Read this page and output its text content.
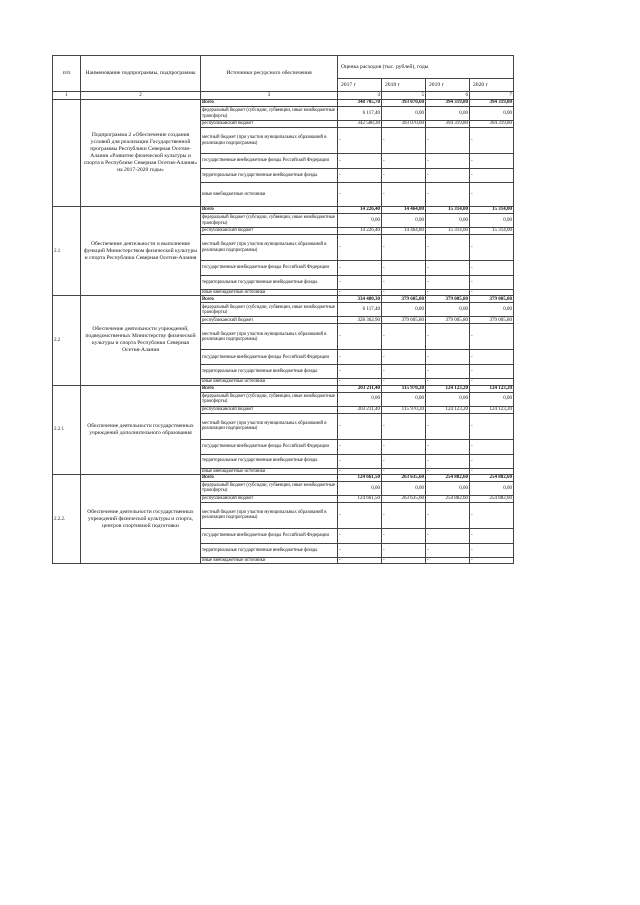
п/п	Наименование подпрограммы, подпрограммы	Источники ресурсного обеспечения	Оценка расходов (тыс. рублей), годы			
			2017 г	2018 г	2019 г	2020 г
1	2	3	4	5	6	7
	Подпрограмма 2 «Обеспечение создания условий для реализации Государственной программы Республики Северная Осетия-Алания «Развитие физической культуры и спорта в Республике Северная Осетия-Алания» на 2017-2020 годы»	Всего	348 705,70	393 070,60	394 319,80	394 319,80
		федеральный бюджет (субсидии, субвенции, иные межбюджетные трансферты)	6 117,40	0,00	0,00	0,00
		республиканский бюджет	342 588,30	393 070,60	394 319,80	394 319,80
		местный бюджет (при участии муниципальных образований в реализации подпрограммы)	-	-	-	-
		государственные внебюджетные фонды Российской Федерации	-	-	-	-
		территориальные государственные внебюджетные фонды	-	-	-	-
		иные внебюджетные источники	-	-	-	-
2.1	Обеспечение деятельности и выполнение функций Министерством физической культуры и спорта Республики Северная Осетия-Алания	Всего	14 226,40	14 464,80	15 314,00	15 314,00
		федеральный бюджет (субсидии, субвенции, иные межбюджетные трансферты)	0,00	0,00	0,00	0,00
		республиканский бюджет	14 226,40	14 464,80	15 314,00	15 314,00
		местный бюджет (при участии муниципальных образований в реализации подпрограммы)	-	-	-	-
		государственные внебюджетные фонды Российской Федерации	-	-	-	-
		территориальные государственные внебюджетные фонды	-	-	-	-
		иные внебюджетные источники	-	-	-	-
2.2	Обеспечение деятельности учреждений, подведомственных Министерству физической культуры и спорта Республики Северная Осетия-Алания	Всего	334 480,30	379 605,80	379 005,80	379 005,80
		федеральный бюджет (субсидии, субвенции, иные межбюджетные трансферты)	6 117,40	0,00	0,00	0,00
		республиканский бюджет	328 362,90	379 605,80	379 005,80	379 005,80
		местный бюджет (при участии муниципальных образований в реализации подпрограммы)	-	-	-	-
		государственные внебюджетные фонды Российской Федерации	-	-	-	-
		территориальные государственные внебюджетные фонды	-	-	-	-
		иные внебюджетные источники	-	-	-	-
2.2.1	Обеспечение деятельности государственных учреждений дополнительного образования	Всего	203 211,40	115 970,20	124 123,20	124 123,20
		федеральный бюджет (субсидии, субвенции, иные межбюджетные трансферты)	0,00	0,00	0,00	0,00
		республиканский бюджет	203 211,40	115 970,20	124 123,20	124 123,20
		местный бюджет (при участии муниципальных образований в реализации подпрограммы)	-	-	-	-
		государственные внебюджетные фонды Российской Федерации	-	-	-	-
		территориальные государственные внебюджетные фонды	-	-	-	-
		иные внебюджетные источники	-	-	-	-
2.2.2.	Обеспечение деятельности государственных учреждений физической культуры и спорта, центров спортивной подготовки	Всего	124 661,50	263 635,60	254 882,60	254 882,60
		федеральный бюджет (субсидии, субвенции, иные межбюджетные трансферты)	0,00	0,00	0,00	0,00
		республиканский бюджет	124 661,50	263 635,60	254 882,60	254 882,60
		местный бюджет (при участии муниципальных образований в реализации подпрограммы)	-	-	-	-
		государственные внебюджетные фонды Российской Федерации	-	-	-	-
		территориальные государственные внебюджетные фонды	-	-	-	-
		иные внебюджетные источники	-	-	-	-
